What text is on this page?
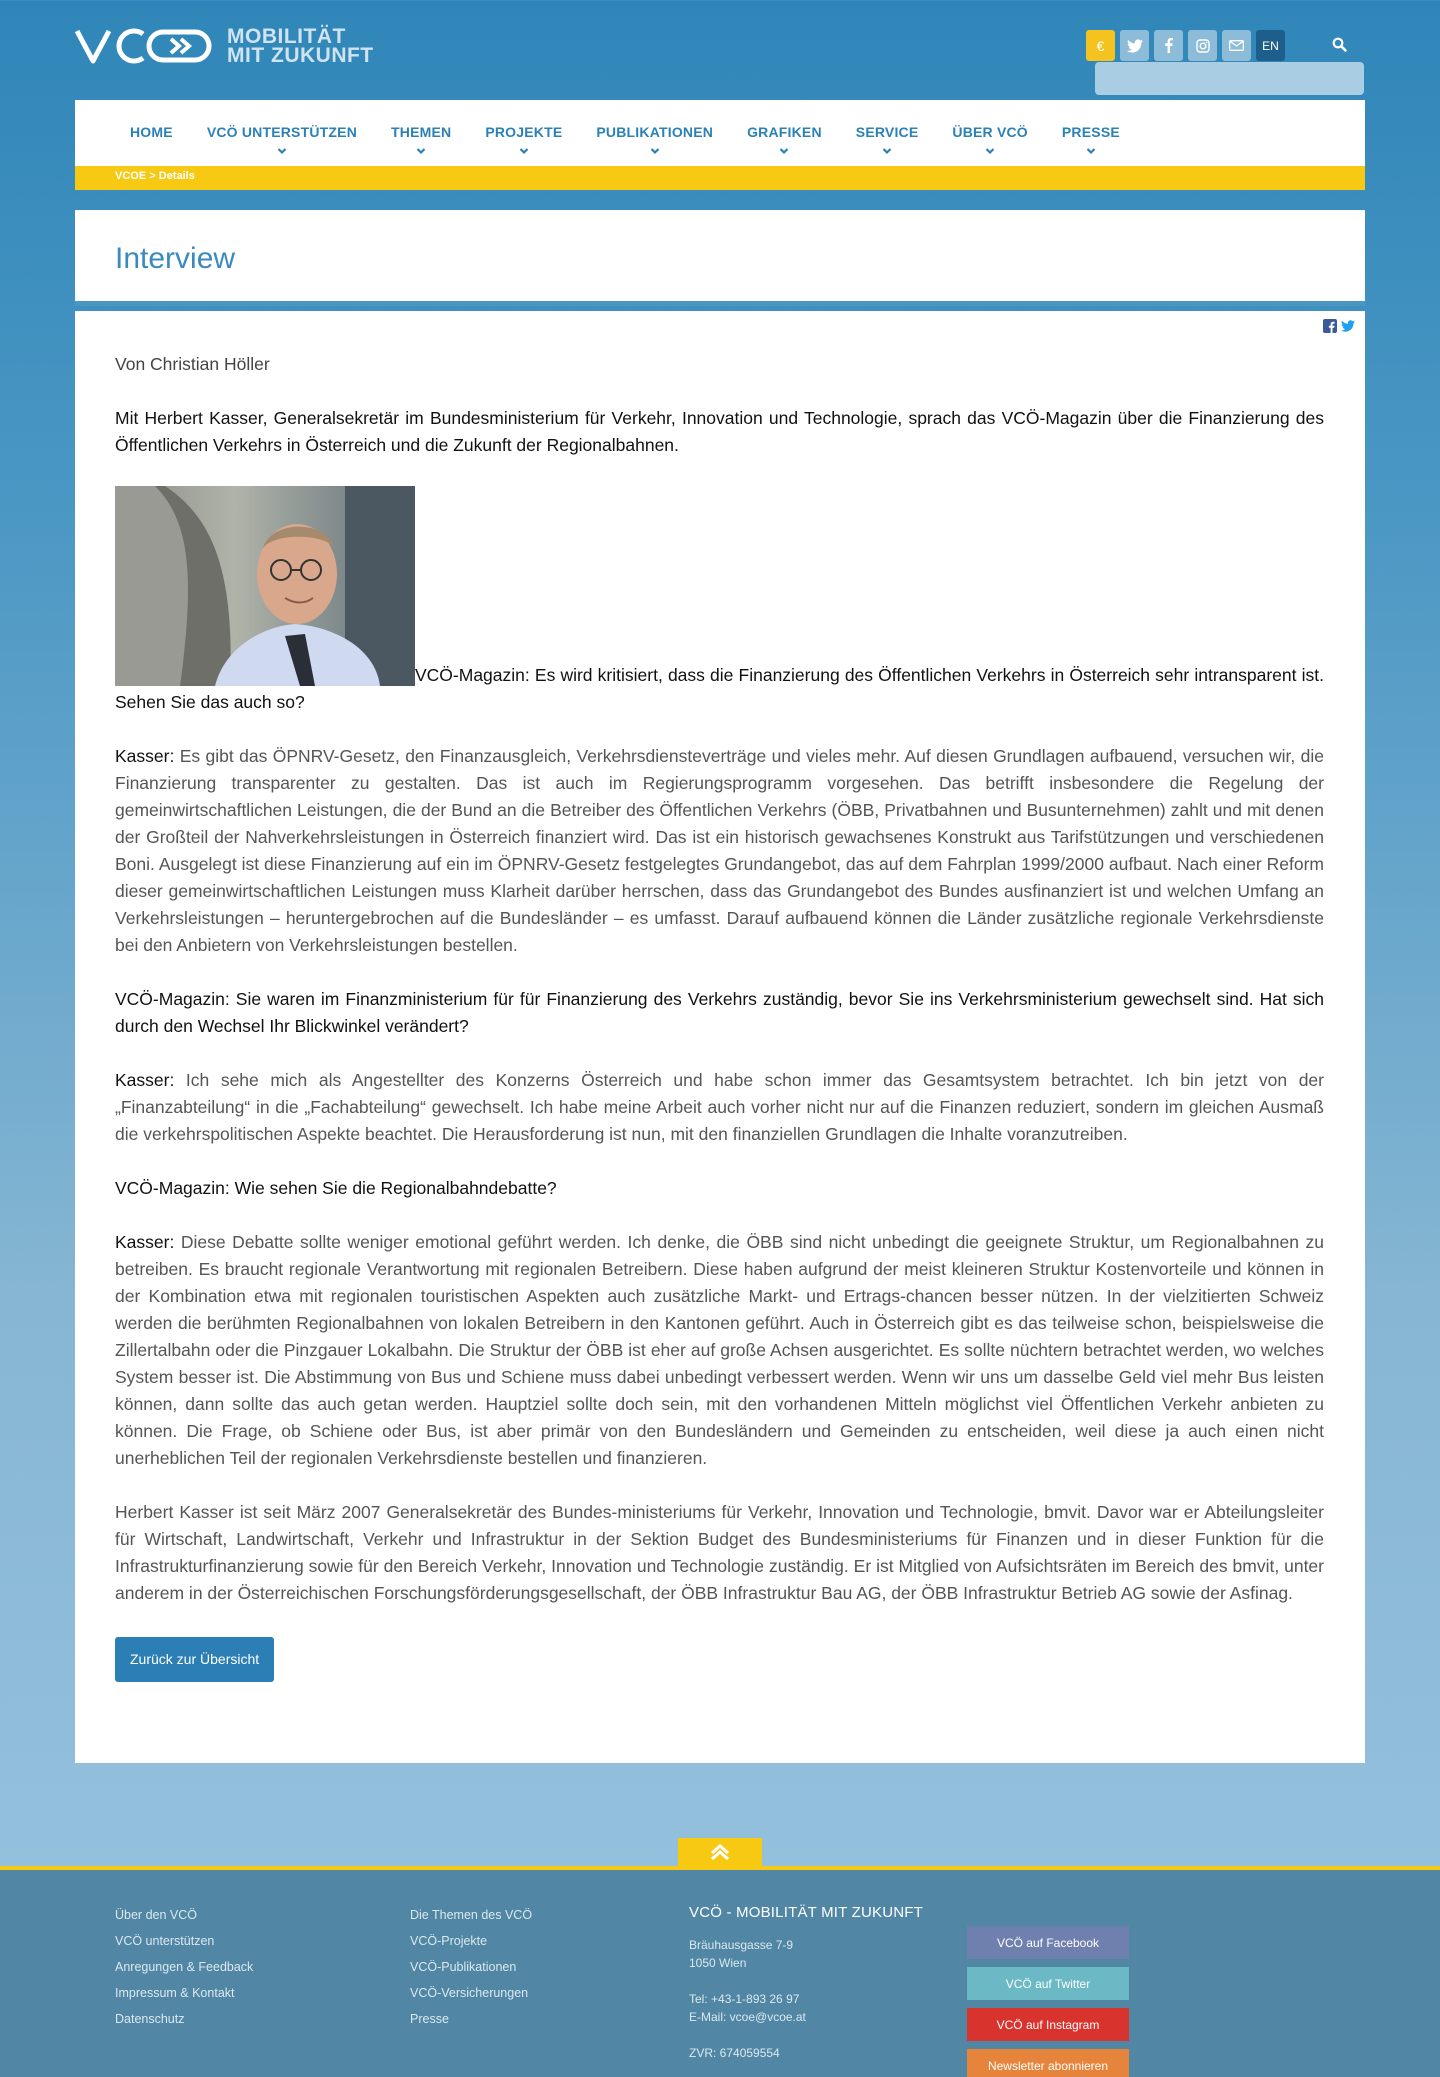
MOBILITÄT
MIT ZUKUNFT	€	EN
HOME VCÖ UNTERSTÜTZEN THEMEN PROJEKTE PUBLIKATIONEN GRAFIKEN SERVICE ÜBER VCÖ PRESSE
VCOE > Details
Interview

Von Christian Höller

Mit Herbert Kasser, Generalsekretär im Bundesministerium für Verkehr, Innovation und Technologie, sprach das VCÖ-Magazin über die Finanzierung des Öffentlichen Verkehrs in Österreich und die Zukunft der Regionalbahnen.

VCÖ-Magazin: Es wird kritisiert, dass die Finanzierung des Öffentlichen Verkehrs in Österreich sehr intransparent ist. Sehen Sie das auch so?

Kasser: Es gibt das ÖPNRV-Gesetz, den Finanzausgleich, Verkehrsdiensteverträge und vieles mehr. Auf diesen Grundlagen aufbauend, versuchen wir, die Finanzierung transparenter zu gestalten. Das ist auch im Regierungsprogramm vorgesehen. Das betrifft insbesondere die Regelung der gemeinwirtschaftlichen Leistungen, die der Bund an die Betreiber des Öffentlichen Verkehrs (ÖBB, Privatbahnen und Busunternehmen) zahlt und mit denen der Großteil der Nahverkehrsleistungen in Österreich finanziert wird. Das ist ein historisch gewachsenes Konstrukt aus Tarifstützungen und verschiedenen Boni. Ausgelegt ist diese Finanzierung auf ein im ÖPNRV-Gesetz festgelegtes Grundangebot, das auf dem Fahrplan 1999/2000 aufbaut. Nach einer Reform dieser gemeinwirtschaftlichen Leistungen muss Klarheit darüber herrschen, dass das Grundangebot des Bundes ausfinanziert ist und welchen Umfang an Verkehrsleistungen – heruntergebrochen auf die Bundesländer – es umfasst. Darauf aufbauend können die Länder zusätzliche regionale Verkehrsdienste bei den Anbietern von Verkehrsleistungen bestellen.

VCÖ-Magazin: Sie waren im Finanzministerium für für Finanzierung des Verkehrs zuständig, bevor Sie ins Verkehrsministerium gewechselt sind. Hat sich durch den Wechsel Ihr Blickwinkel verändert?

Kasser: Ich sehe mich als Angestellter des Konzerns Österreich und habe schon immer das Gesamtsystem betrachtet. Ich bin jetzt von der „Finanzabteilung“ in die „Fachabteilung“ gewechselt. Ich habe meine Arbeit auch vorher nicht nur auf die Finanzen reduziert, sondern im gleichen Ausmaß die verkehrspolitischen Aspekte beachtet. Die Herausforderung ist nun, mit den finanziellen Grundlagen die Inhalte voranzutreiben.

VCÖ-Magazin: Wie sehen Sie die Regionalbahndebatte?

Kasser: Diese Debatte sollte weniger emotional geführt werden. Ich denke, die ÖBB sind nicht unbedingt die geeignete Struktur, um Regionalbahnen zu betreiben. Es braucht regionale Verantwortung mit regionalen Betreibern. Diese haben aufgrund der meist kleineren Struktur Kostenvorteile und können in der Kombination etwa mit regionalen touristischen Aspekten auch zusätzliche Markt- und Ertrags-chancen besser nützen. In der vielzitierten Schweiz werden die berühmten Regionalbahnen von lokalen Betreibern in den Kantonen geführt. Auch in Österreich gibt es das teilweise schon, beispielsweise die Zillertalbahn oder die Pinzgauer Lokalbahn. Die Struktur der ÖBB ist eher auf große Achsen ausgerichtet. Es sollte nüchtern betrachtet werden, wo welches System besser ist. Die Abstimmung von Bus und Schiene muss dabei unbedingt verbessert werden. Wenn wir uns um dasselbe Geld viel mehr Bus leisten können, dann sollte das auch getan werden. Hauptziel sollte doch sein, mit den vorhandenen Mitteln möglichst viel Öffentlichen Verkehr anbieten zu können. Die Frage, ob Schiene oder Bus, ist aber primär von den Bundesländern und Gemeinden zu entscheiden, weil diese ja auch einen nicht unerheblichen Teil der regionalen Verkehrsdienste bestellen und finanzieren.

Herbert Kasser ist seit März 2007 Generalsekretär des Bundes-ministeriums für Verkehr, Innovation und Technologie, bmvit. Davor war er Abteilungsleiter für Wirtschaft, Landwirtschaft, Verkehr und Infrastruktur in der Sektion Budget des Bundesministeriums für Finanzen und in dieser Funktion für die Infrastrukturfinanzierung sowie für den Bereich Verkehr, Innovation und Technologie zuständig. Er ist Mitglied von Aufsichtsräten im Bereich des bmvit, unter anderem in der Österreichischen Forschungsförderungsgesellschaft, der ÖBB Infrastruktur Bau AG, der ÖBB Infrastruktur Betrieb AG sowie der Asfinag.

Zurück zur Übersicht
Über den VCÖ
VCÖ unterstützen
Anregungen & Feedback
Impressum & Kontakt
Datenschutz
Die Themen des VCÖ
VCÖ-Projekte
VCÖ-Publikationen
VCÖ-Versicherungen
Presse
VCÖ - MOBILITÄT MIT ZUKUNFT
Bräuhausgasse 7-9
1050 Wien
Tel: +43-1-893 26 97
E-Mail: vcoe@vcoe.at
ZVR: 674059554
VCÖ auf Facebook
VCÖ auf Twitter
VCÖ auf Instagram
Newsletter abonnieren
